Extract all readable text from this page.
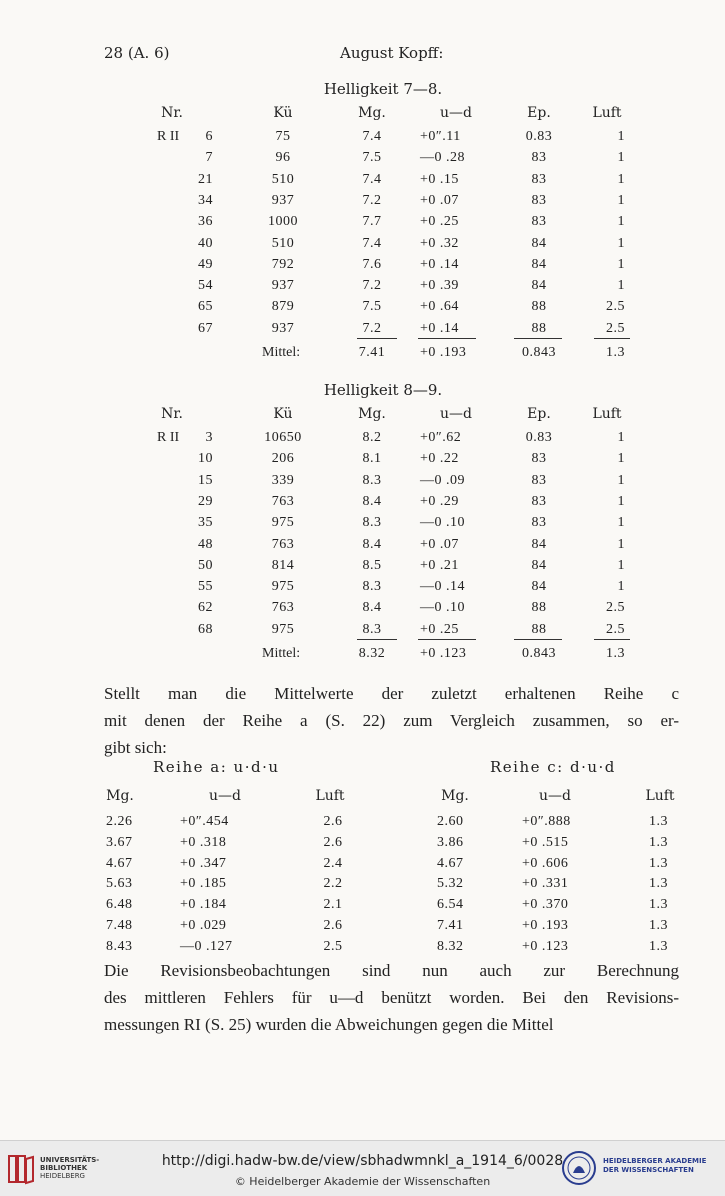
28 (A. 6)	August Kopff:
Helligkeit 7—8.
Nr.	Kü	Mg.	u—d	Ep.	Luft
R II	6	75	7.4	+0″.11	0.83	1
7	96	7.5	—0 .28	83	1
21	510	7.4	+0 .15	83	1
34	937	7.2	+0 .07	83	1
36	1000	7.7	+0 .25	83	1
40	510	7.4	+0 .32	84	1
49	792	7.6	+0 .14	84	1
54	937	7.2	+0 .39	84	1
65	879	7.5	+0 .64	88	2.5
67	937	7.2	+0 .14	88	2.5
Mittel:	7.41	+0 .193	0.843	1.3
Helligkeit 8—9.
Nr.	Kü	Mg.	u—d	Ep.	Luft
R II	3	10650	8.2	+0″.62	0.83	1
10	206	8.1	+0 .22	83	1
15	339	8.3	—0 .09	83	1
29	763	8.4	+0 .29	83	1
35	975	8.3	—0 .10	83	1
48	763	8.4	+0 .07	84	1
50	814	8.5	+0 .21	84	1
55	975	8.3	—0 .14	84	1
62	763	8.4	—0 .10	88	2.5
68	975	8.3	+0 .25	88	2.5
Mittel:	8.32	+0 .123	0.843	1.3
Stellt man die Mittelwerte der zuletzt erhaltenen Reihe c
mit denen der Reihe a (S. 22) zum Vergleich zusammen, so er-
gibt sich:
Reihe a: u·d·u	Reihe c: d·u·d
Mg.	u—d	Luft	Mg.	u—d	Luft
2.26	+0″.454	2.6	2.60	+0″.888	1.3
3.67	+0 .318	2.6	3.86	+0 .515	1.3
4.67	+0 .347	2.4	4.67	+0 .606	1.3
5.63	+0 .185	2.2	5.32	+0 .331	1.3
6.48	+0 .184	2.1	6.54	+0 .370	1.3
7.48	+0 .029	2.6	7.41	+0 .193	1.3
8.43	—0 .127	2.5	8.32	+0 .123	1.3
Die Revisionsbeobachtungen sind nun auch zur Berechnung
des mittleren Fehlers für u—d benützt worden. Bei den Revisions-
messungen RI (S. 25) wurden die Abweichungen gegen die Mittel
UNIVERSITÄTS-
BIBLIOTHEK
HEIDELBERG
http://digi.hadw-bw.de/view/sbhadwmnkl_a_1914_6/0028
© Heidelberger Akademie der Wissenschaften
HEIDELBERGER AKADEMIE
DER WISSENSCHAFTEN
